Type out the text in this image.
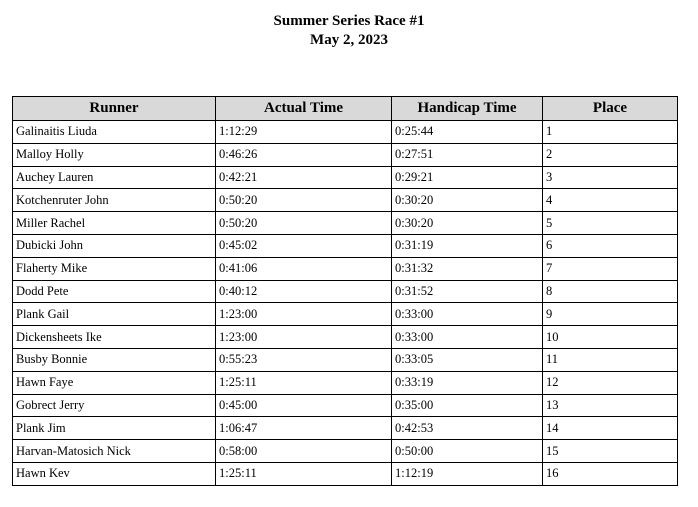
Summer Series Race #1
May 2, 2023
Runner	Actual Time	Handicap Time	Place
Galinaitis Liuda	1:12:29	0:25:44	1
Malloy Holly	0:46:26	0:27:51	2
Auchey Lauren	0:42:21	0:29:21	3
Kotchenruter John	0:50:20	0:30:20	4
Miller Rachel	0:50:20	0:30:20	5
Dubicki John	0:45:02	0:31:19	6
Flaherty Mike	0:41:06	0:31:32	7
Dodd Pete	0:40:12	0:31:52	8
Plank Gail	1:23:00	0:33:00	9
Dickensheets Ike	1:23:00	0:33:00	10
Busby Bonnie	0:55:23	0:33:05	11
Hawn Faye	1:25:11	0:33:19	12
Gobrect Jerry	0:45:00	0:35:00	13
Plank Jim	1:06:47	0:42:53	14
Harvan-Matosich Nick	0:58:00	0:50:00	15
Hawn Kev	1:25:11	1:12:19	16
